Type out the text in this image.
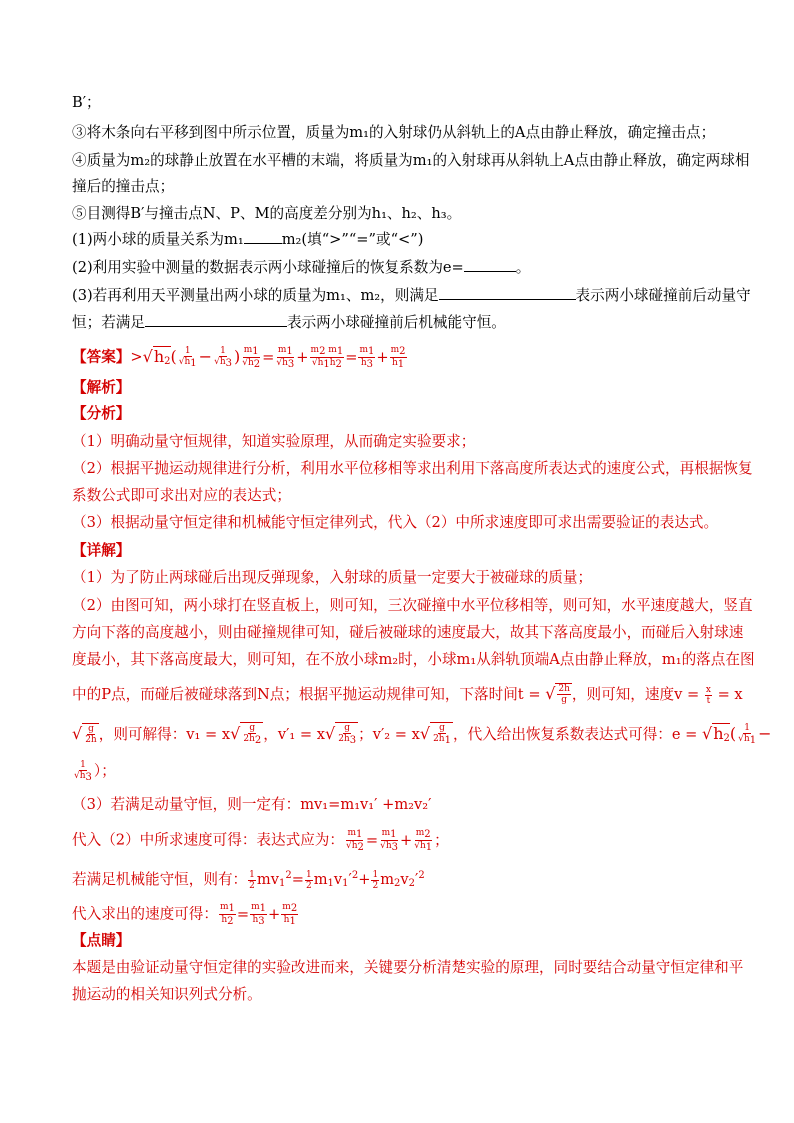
B′；
③将木条向右平移到图中所示位置，质量为m₁的入射球仍从斜轨上的A点由静止释放，确定撞击点；
④质量为m₂的球静止放置在水平槽的末端，将质量为m₁的入射球再从斜轨上A点由静止释放，确定两球相
撞后的撞击点；
⑤目测得B′与撞击点N、P、M的高度差分别为h₁、h₂、h₃。
(1)两小球的质量关系为m₁	m₂(填“>”“=”或“<”)
(2)利用实验中测量的数据表示两小球碰撞后的恢复系数为e=	。
(3)若再利用天平测量出两小球的质量为m₁、m₂，则满足	表示两小球碰撞前后动量守
恒；若满足	表示两小球碰撞前后机械能守恒。
【答案】$>√h_2( \frac{1}{√h1} - \frac{1}{√h3}$ ) $\frac{m1}{√h2} = \frac{m1}{√h3} + \frac{m2 m1}{√h1h2} = \frac{m1}{h3} + \frac{m2}{h1}$
【解析】
【分析】
（1）明确动量守恒规律，知道实验原理，从而确定实验要求；
（2）根据平抛运动规律进行分析，利用水平位移相等求出利用下落高度所表达式的速度公式，再根据恢复
系数公式即可求出对应的表达式；
（3）根据动量守恒定律和机械能守恒定律列式，代入（2）中所求速度即可求出需要验证的表达式。
【详解】
（1）为了防止两球碰后出现反弹现象，入射球的质量一定要大于被碰球的质量；
（2）由图可知，两小球打在竖直板上，则可知，三次碰撞中水平位移相等，则可知，水平速度越大，竖直
方向下落的高度越小，则由碰撞规律可知，碰后被碰球的速度最大，故其下落高度最小，而碰后入射球速
度最小，其下落高度最大，则可知，在不放小球m₂时，小球m₁从斜轨顶端A点由静止释放，m₁的落点在图
中的P点，而碰后被碰球落到N点；根据平抛运动规律可知，下落时间t = √ $\frac{2h}{g}$ ，则可知，速度$v = \frac{x}{t} = x$
√ $\frac{g}{2h}$ ，则可解得：$v_1 = x√ \frac{g}{2h2}$ ，$v'_1 = x√ \frac{g}{2h3}$ ；$v'_2 = x√ \frac{g}{2h1}$ ，代入给出恢复系数表达式可得：$e = √h_2( \frac{1}{√h1}$ −
$\frac{1}{√h3}$ ）；
（3）若满足动量守恒，则一定有：mv₁=m₁v₁′ +m₂v₂′
代入（2）中所求速度可得：表达式应为： $\frac{m1}{√h2} = \frac{m1}{√h3} + \frac{m2}{√h1}$ ；
若满足机械能守恒，则有： $\frac{1}{2} mv_1^2= \frac{1}{2} m_1v_1'^2+ \frac{1}{2} m_2v_2'^2$
代入求出的速度可得： $\frac{m1}{h2} = \frac{m1}{h3} + \frac{m2}{h1}$
【点睛】
本题是由验证动量守恒定律的实验改进而来，关键要分析清楚实验的原理，同时要结合动量守恒定律和平
抛运动的相关知识列式分析。
